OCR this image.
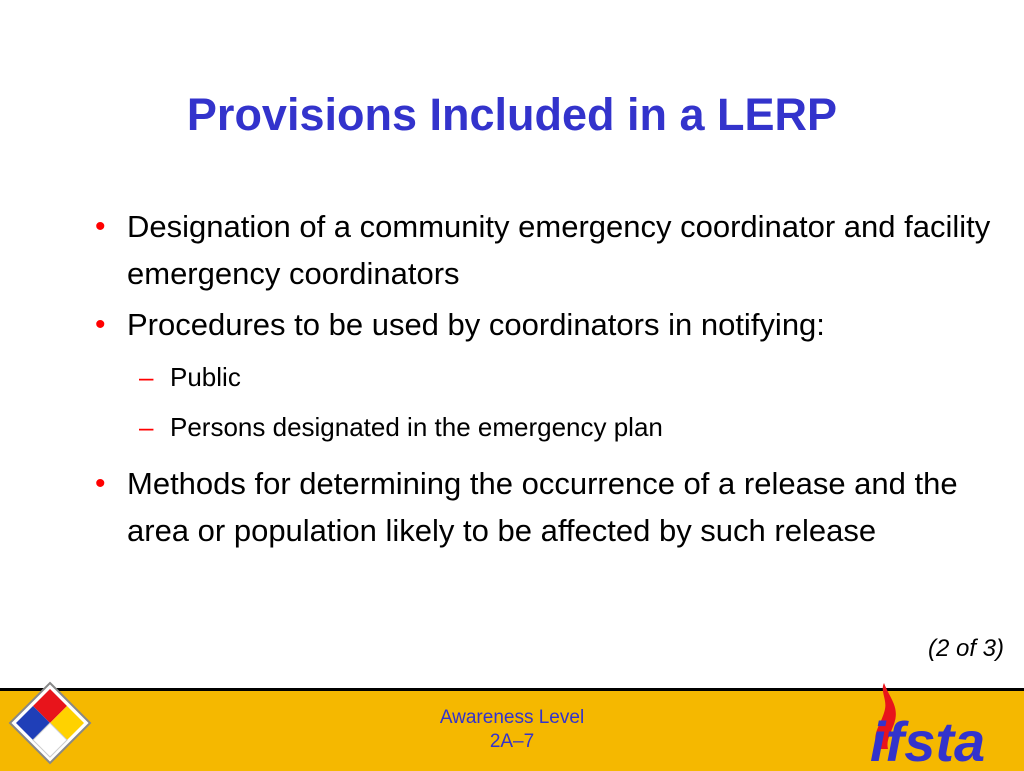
Provisions Included in a LERP
• Designation of a community emergency coordinator and facility emergency coordinators
• Procedures to be used by coordinators in notifying:
– Public
– Persons designated in the emergency plan
• Methods for determining the occurrence of a release and the area or population likely to be affected by such release
(2 of 3)
Awareness Level
2A–7	ifsta
